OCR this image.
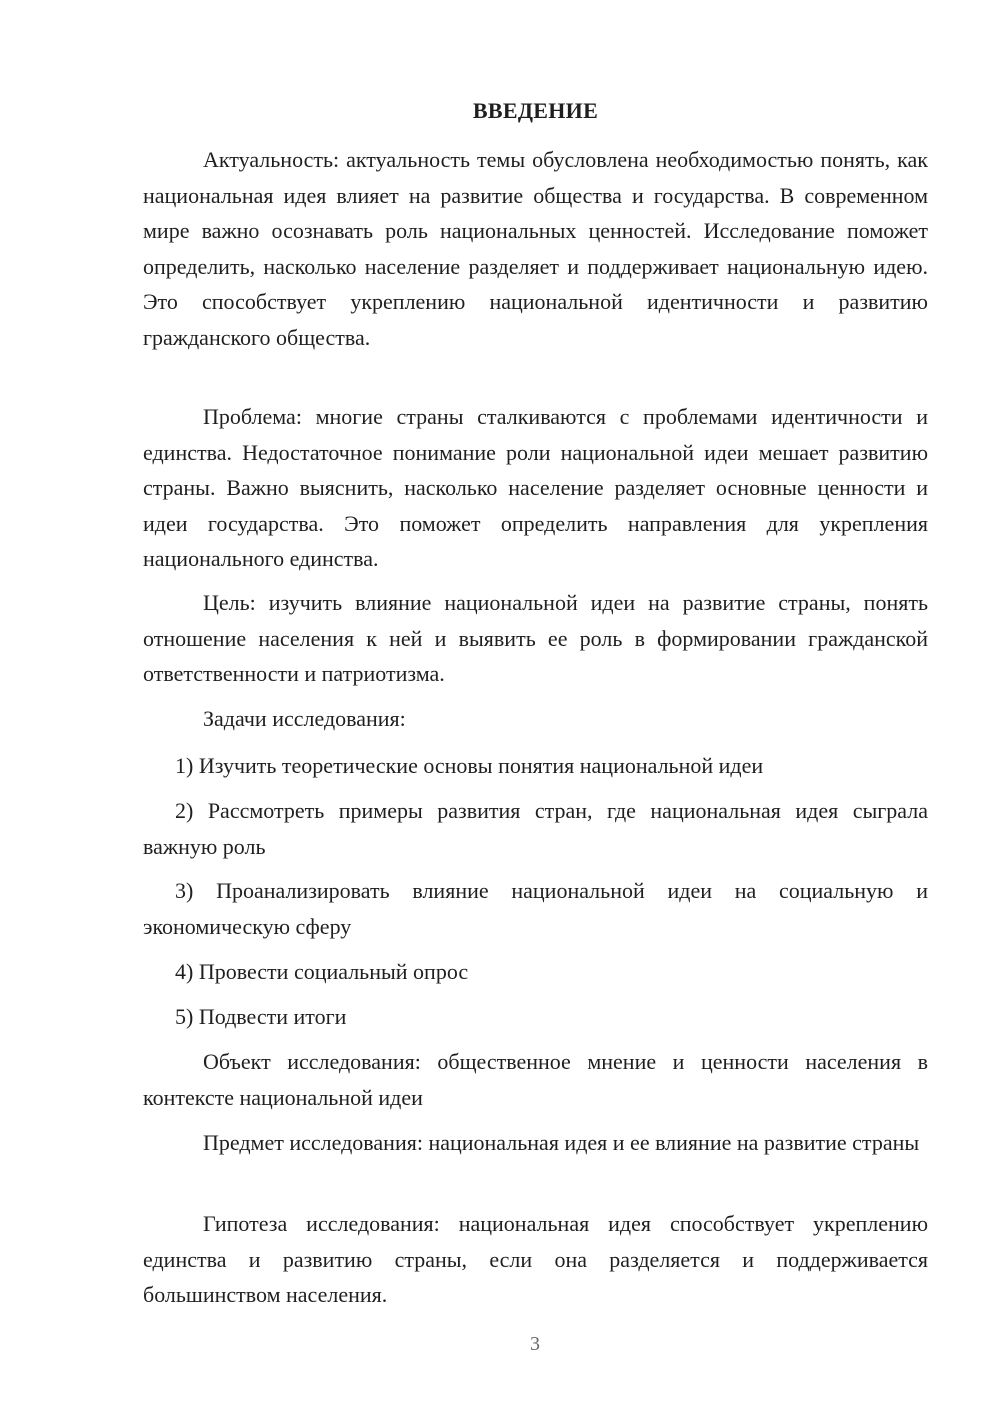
ВВЕДЕНИЕ

Актуальность: актуальность темы обусловлена необходимостью понять, как национальная идея влияет на развитие общества и государства. В современном мире важно осознавать роль национальных ценностей. Исследование поможет определить, насколько население разделяет и поддерживает национальную идею. Это способствует укреплению национальной идентичности и развитию гражданского общества.

Проблема: многие страны сталкиваются с проблемами идентичности и единства. Недостаточное понимание роли национальной идеи мешает развитию страны. Важно выяснить, насколько население разделяет основные ценности и идеи государства. Это поможет определить направления для укрепления национального единства.

Цель: изучить влияние национальной идеи на развитие страны, понять отношение населения к ней и выявить ее роль в формировании гражданской ответственности и патриотизма.

Задачи исследования:

1) Изучить теоретические основы понятия национальной идеи

2) Рассмотреть примеры развития стран, где национальная идея сыграла важную роль

3) Проанализировать влияние национальной идеи на социальную и экономическую сферу

4) Провести социальный опрос

5) Подвести итоги

Объект исследования: общественное мнение и ценности населения в контексте национальной идеи

Предмет исследования: национальная идея и ее влияние на развитие страны

Гипотеза исследования: национальная идея способствует укреплению единства и развитию страны, если она разделяется и поддерживается большинством населения.

3
